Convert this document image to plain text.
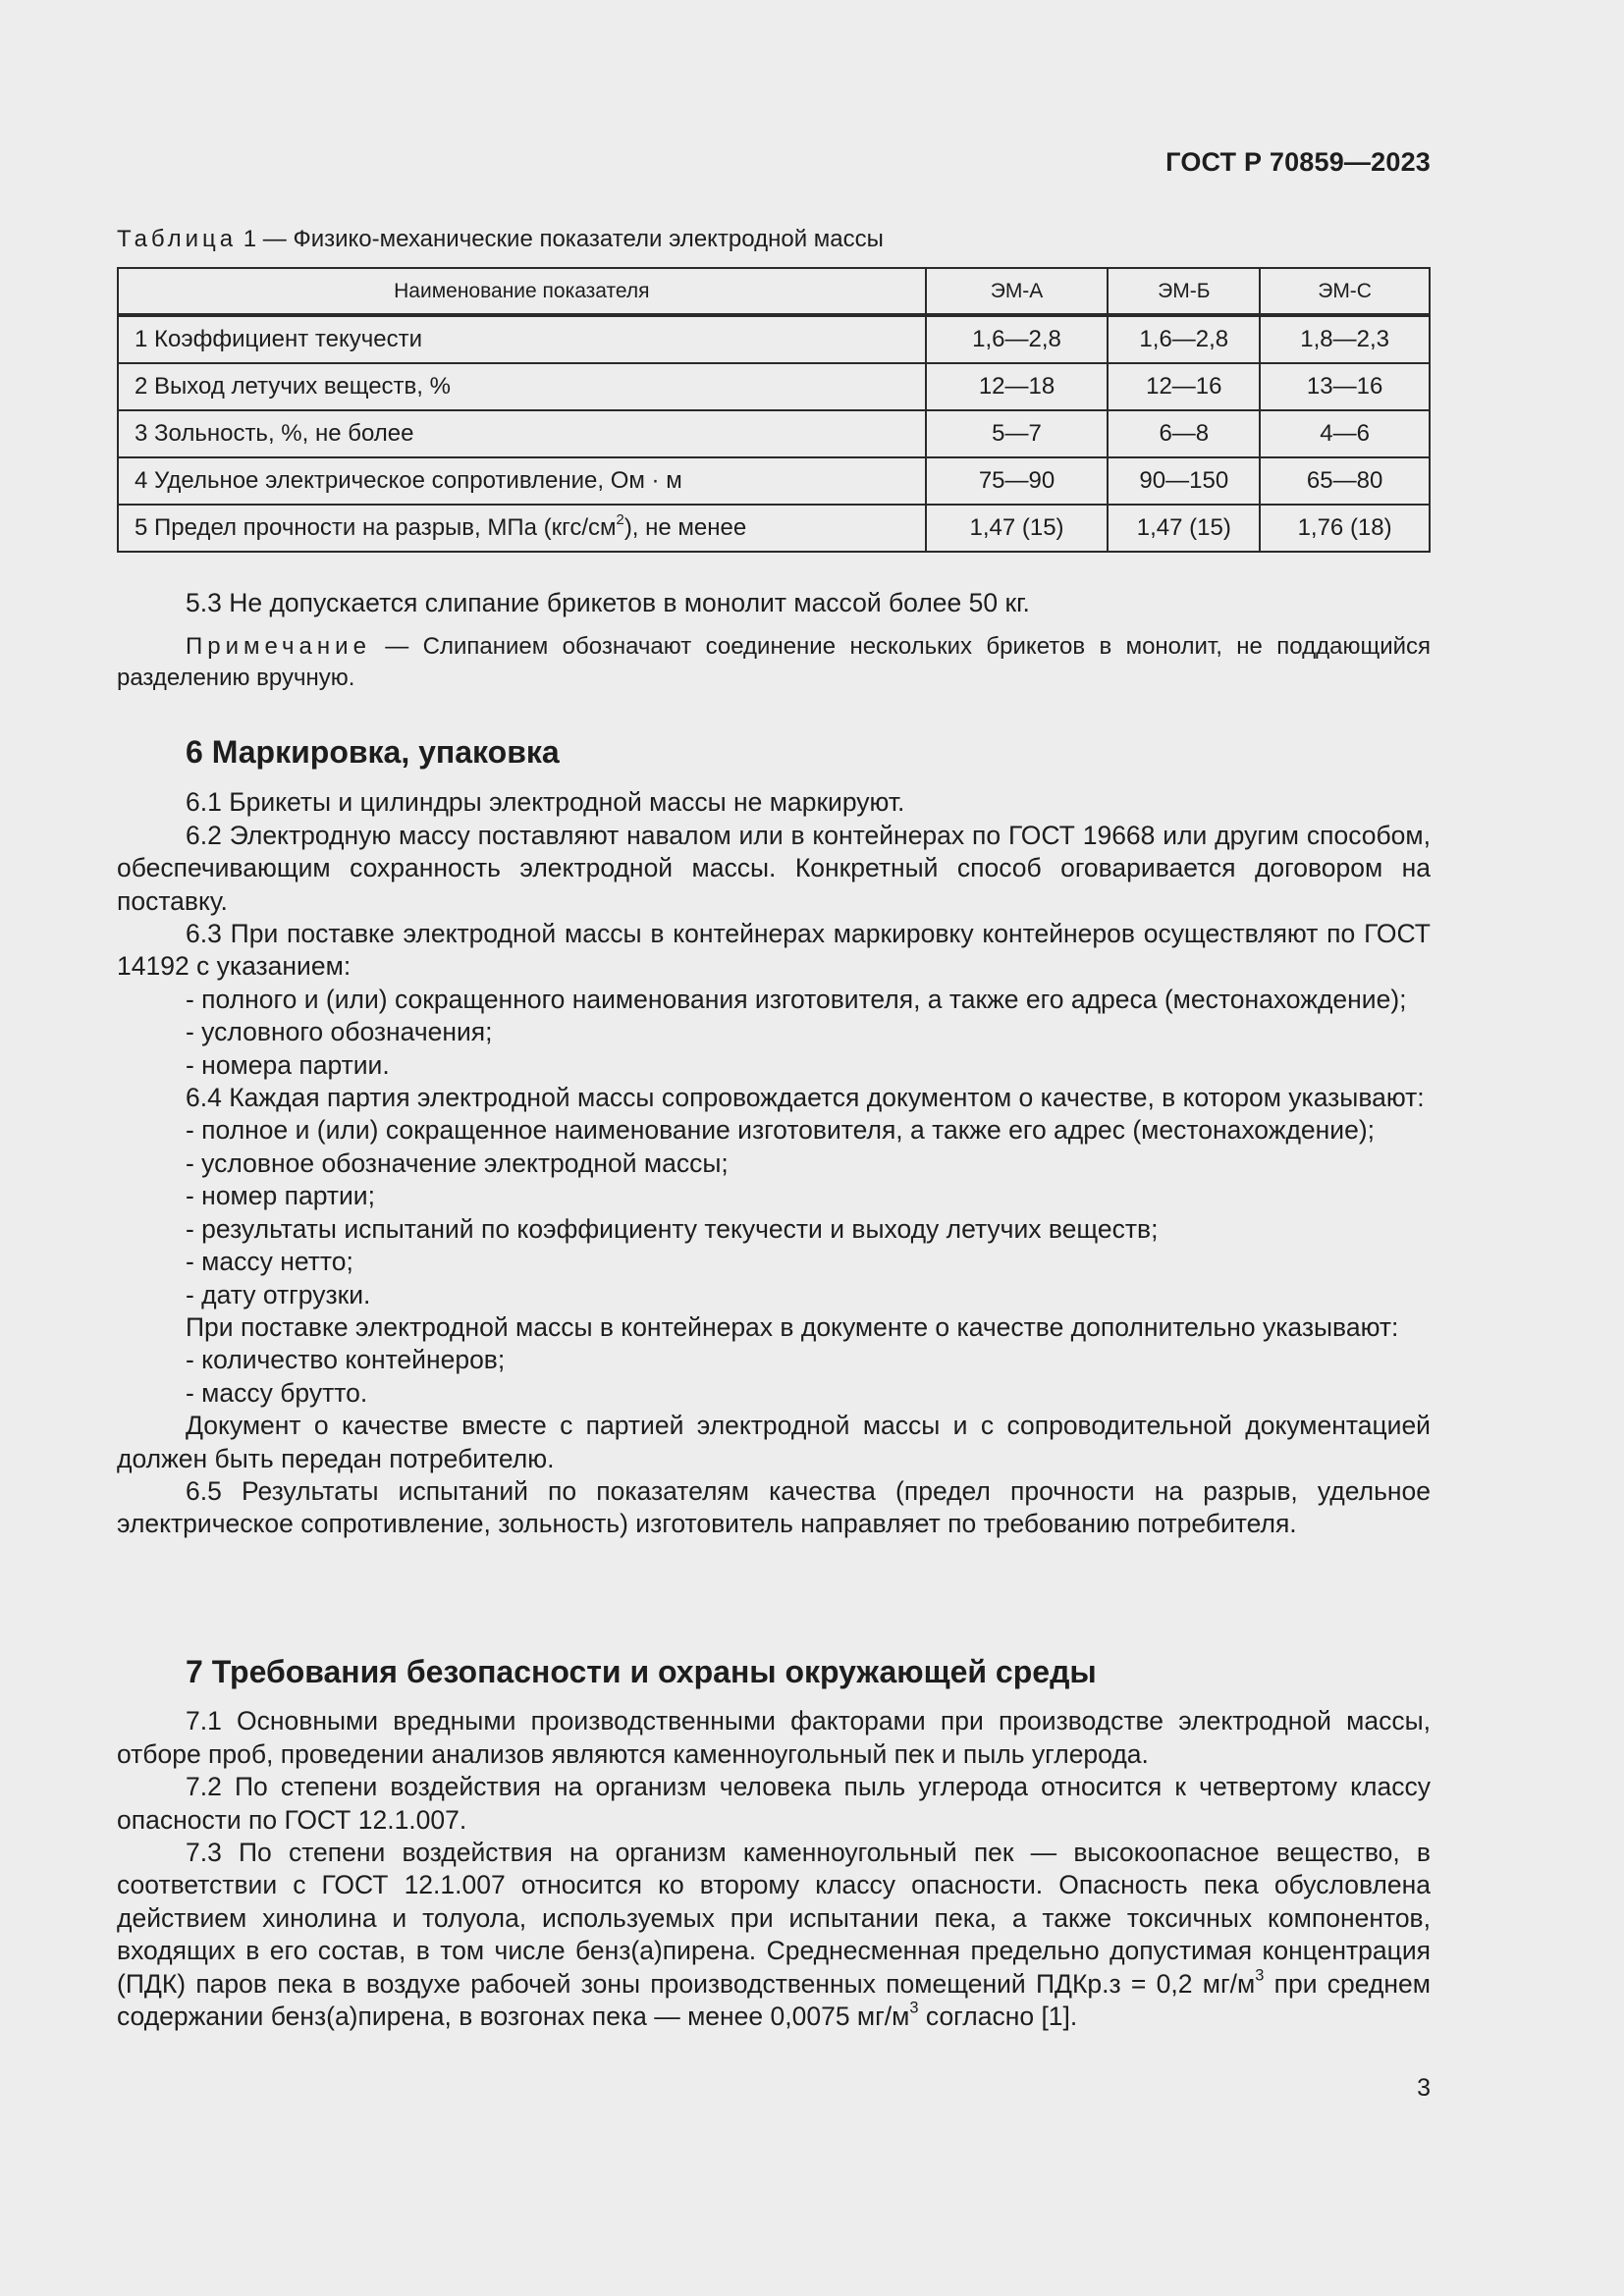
ГОСТ Р 70859—2023
Таблица 1 — Физико-механические показатели электродной массы
Наименование показателя	ЭМ-А	ЭМ-Б	ЭМ-С
1 Коэффициент текучести	1,6—2,8	1,6—2,8	1,8—2,3
2 Выход летучих веществ, %	12—18	12—16	13—16
3 Зольность, %, не более	5—7	6—8	4—6
4 Удельное электрическое сопротивление, Ом · м	75—90	90—150	65—80
5 Предел прочности на разрыв, МПа $(кгс/см^2)$, не менее	1,47 (15)	1,47 (15)	1,76 (18)

5.3 Не допускается слипание брикетов в монолит массой более 50 кг.

Примечание — Слипанием обозначают соединение нескольких брикетов в монолит, не поддающийся разделению вручную.

6 Маркировка, упаковка

6.1 Брикеты и цилиндры электродной массы не маркируют.

6.2 Электродную массу поставляют навалом или в контейнерах по ГОСТ 19668 или другим способом, обеспечивающим сохранность электродной массы. Конкретный способ оговаривается договором на поставку.

6.3 При поставке электродной массы в контейнерах маркировку контейнеров осуществляют по ГОСТ 14192 с указанием:

- полного и (или) сокращенного наименования изготовителя, а также его адреса (местонахождение);

- условного обозначения;

- номера партии.

6.4 Каждая партия электродной массы сопровождается документом о качестве, в котором указывают:

- полное и (или) сокращенное наименование изготовителя, а также его адрес (местонахождение);

- условное обозначение электродной массы;

- номер партии;

- результаты испытаний по коэффициенту текучести и выходу летучих веществ;

- массу нетто;

- дату отгрузки.

При поставке электродной массы в контейнерах в документе о качестве дополнительно указывают:

- количество контейнеров;

- массу брутто.

Документ о качестве вместе с партией электродной массы и с сопроводительной документацией должен быть передан потребителю.

6.5 Результаты испытаний по показателям качества (предел прочности на разрыв, удельное электрическое сопротивление, зольность) изготовитель направляет по требованию потребителя.

7 Требования безопасности и охраны окружающей среды

7.1 Основными вредными производственными факторами при производстве электродной массы, отборе проб, проведении анализов являются каменноугольный пек и пыль углерода.

7.2 По степени воздействия на организм человека пыль углерода относится к четвертому классу опасности по ГОСТ 12.1.007.

7.3 По степени воздействия на организм каменноугольный пек — высокоопасное вещество, в соответствии с ГОСТ 12.1.007 относится ко второму классу опасности. Опасность пека обусловлена действием хинолина и толуола, используемых при испытании пека, а также токсичных компонентов, входящих в его состав, в том числе бенз(а)пирена. Среднесменная предельно допустимая концентрация (ПДК) паров пека в воздухе рабочей зоны производственных помещений ПДКр.з = 0,2 $мг/м^3$ при среднем содержании бенз(а)пирена, в возгонах пека — менее 0,0075 $мг/м^3$ согласно [1].

3
